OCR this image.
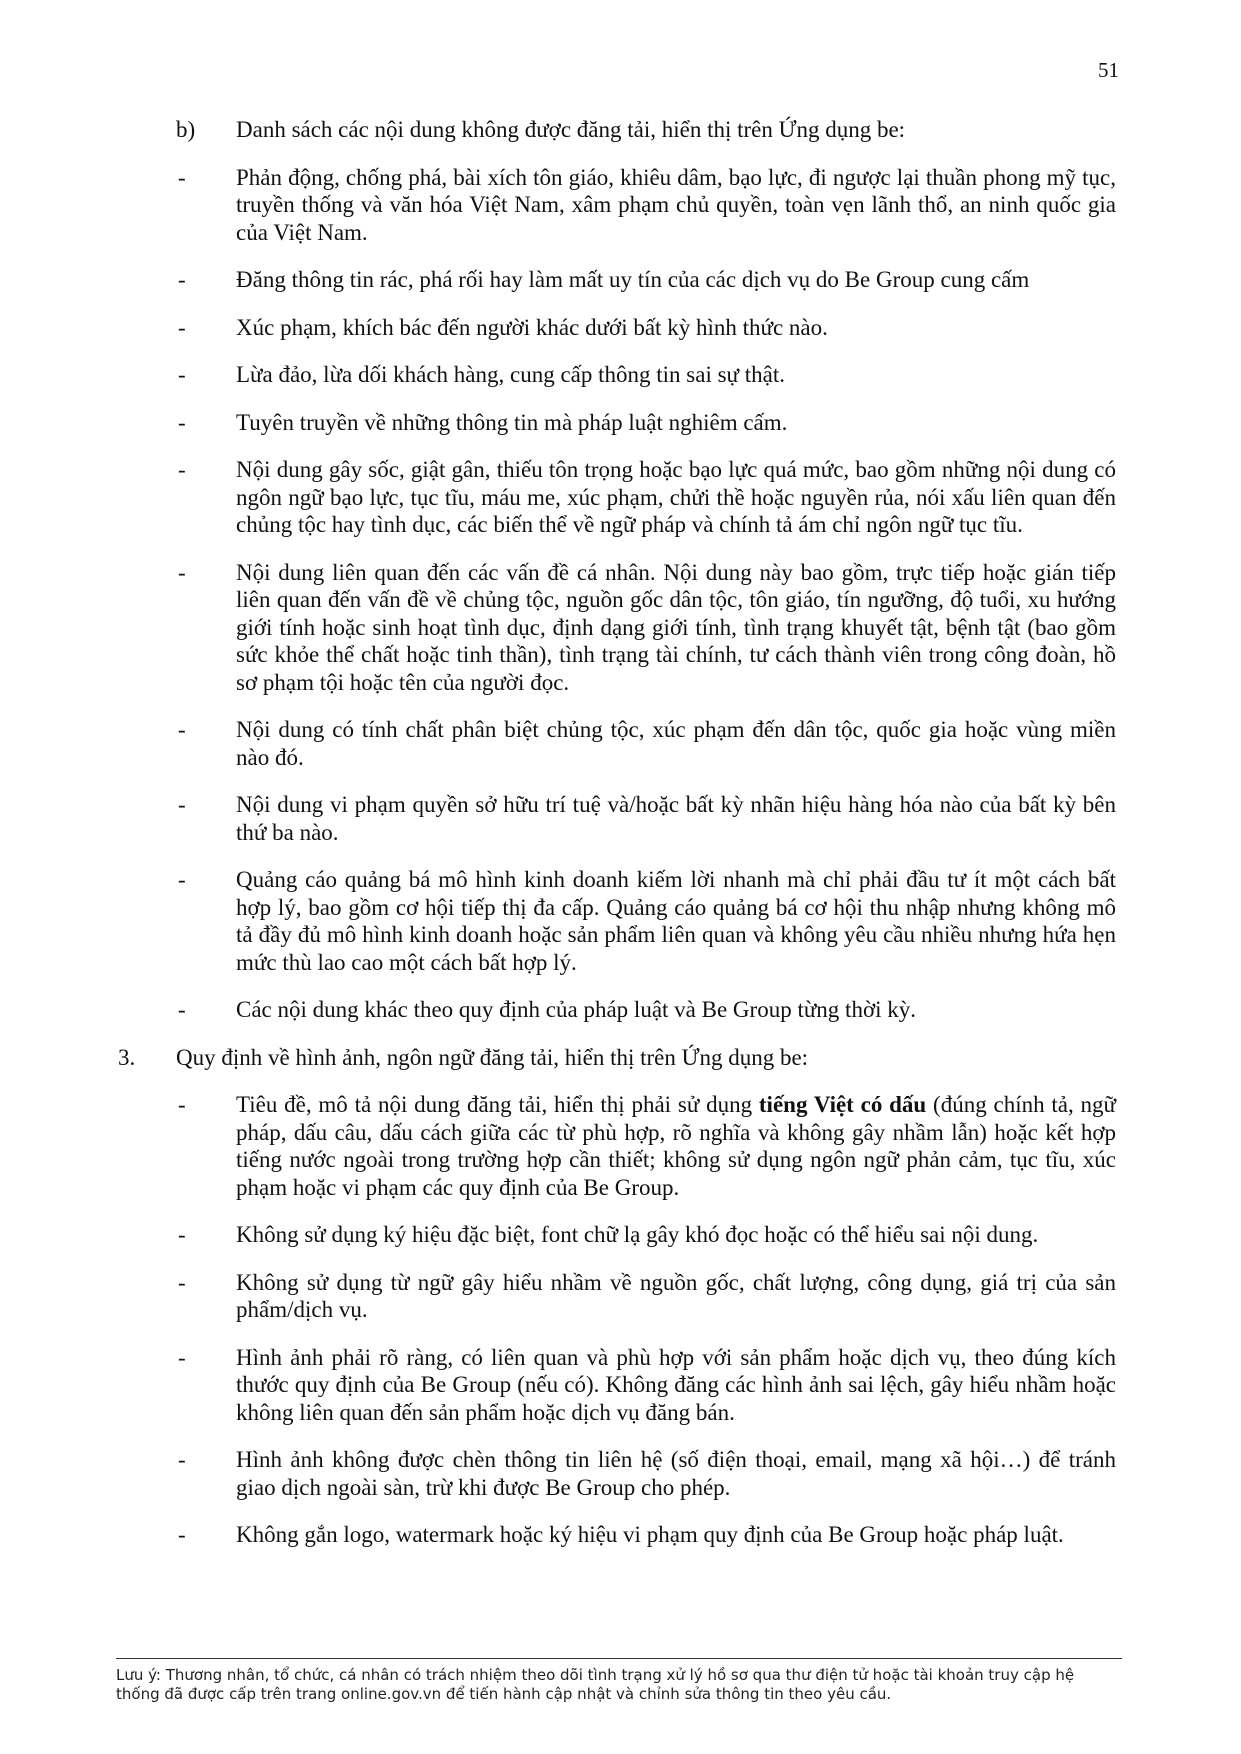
51
b) Danh sách các nội dung không được đăng tải, hiển thị trên Ứng dụng be:
- Phản động, chống phá, bài xích tôn giáo, khiêu dâm, bạo lực, đi ngược lại thuần phong mỹ tục, truyền thống và văn hóa Việt Nam, xâm phạm chủ quyền, toàn vẹn lãnh thổ, an ninh quốc gia của Việt Nam.
- Đăng thông tin rác, phá rối hay làm mất uy tín của các dịch vụ do Be Group cung cấm
- Xúc phạm, khích bác đến người khác dưới bất kỳ hình thức nào.
- Lừa đảo, lừa dối khách hàng, cung cấp thông tin sai sự thật.
- Tuyên truyền về những thông tin mà pháp luật nghiêm cấm.
- Nội dung gây sốc, giật gân, thiếu tôn trọng hoặc bạo lực quá mức, bao gồm những nội dung có ngôn ngữ bạo lực, tục tĩu, máu me, xúc phạm, chửi thề hoặc nguyền rủa, nói xấu liên quan đến chủng tộc hay tình dục, các biến thể về ngữ pháp và chính tả ám chỉ ngôn ngữ tục tĩu.
- Nội dung liên quan đến các vấn đề cá nhân. Nội dung này bao gồm, trực tiếp hoặc gián tiếp liên quan đến vấn đề về chủng tộc, nguồn gốc dân tộc, tôn giáo, tín ngưỡng, độ tuổi, xu hướng giới tính hoặc sinh hoạt tình dục, định dạng giới tính, tình trạng khuyết tật, bệnh tật (bao gồm sức khỏe thể chất hoặc tinh thần), tình trạng tài chính, tư cách thành viên trong công đoàn, hồ sơ phạm tội hoặc tên của người đọc.
- Nội dung có tính chất phân biệt chủng tộc, xúc phạm đến dân tộc, quốc gia hoặc vùng miền nào đó.
- Nội dung vi phạm quyền sở hữu trí tuệ và/hoặc bất kỳ nhãn hiệu hàng hóa nào của bất kỳ bên thứ ba nào.
- Quảng cáo quảng bá mô hình kinh doanh kiếm lời nhanh mà chỉ phải đầu tư ít một cách bất hợp lý, bao gồm cơ hội tiếp thị đa cấp. Quảng cáo quảng bá cơ hội thu nhập nhưng không mô tả đầy đủ mô hình kinh doanh hoặc sản phẩm liên quan và không yêu cầu nhiều nhưng hứa hẹn mức thù lao cao một cách bất hợp lý.
- Các nội dung khác theo quy định của pháp luật và Be Group từng thời kỳ.
3. Quy định về hình ảnh, ngôn ngữ đăng tải, hiển thị trên Ứng dụng be:
- Tiêu đề, mô tả nội dung đăng tải, hiển thị phải sử dụng tiếng Việt có dấu (đúng chính tả, ngữ pháp, dấu câu, dấu cách giữa các từ phù hợp, rõ nghĩa và không gây nhầm lẫn) hoặc kết hợp tiếng nước ngoài trong trường hợp cần thiết; không sử dụng ngôn ngữ phản cảm, tục tĩu, xúc phạm hoặc vi phạm các quy định của Be Group.
- Không sử dụng ký hiệu đặc biệt, font chữ lạ gây khó đọc hoặc có thể hiểu sai nội dung.
- Không sử dụng từ ngữ gây hiểu nhầm về nguồn gốc, chất lượng, công dụng, giá trị của sản phẩm/dịch vụ.
- Hình ảnh phải rõ ràng, có liên quan và phù hợp với sản phẩm hoặc dịch vụ, theo đúng kích thước quy định của Be Group (nếu có). Không đăng các hình ảnh sai lệch, gây hiểu nhầm hoặc không liên quan đến sản phẩm hoặc dịch vụ đăng bán.
- Hình ảnh không được chèn thông tin liên hệ (số điện thoại, email, mạng xã hội…) để tránh giao dịch ngoài sàn, trừ khi được Be Group cho phép.
- Không gắn logo, watermark hoặc ký hiệu vi phạm quy định của Be Group hoặc pháp luật.
Lưu ý: Thương nhân, tổ chức, cá nhân có trách nhiệm theo dõi tình trạng xử lý hồ sơ qua thư điện tử hoặc tài khoản truy cập hệ thống đã được cấp trên trang online.gov.vn để tiến hành cập nhật và chỉnh sửa thông tin theo yêu cầu.
